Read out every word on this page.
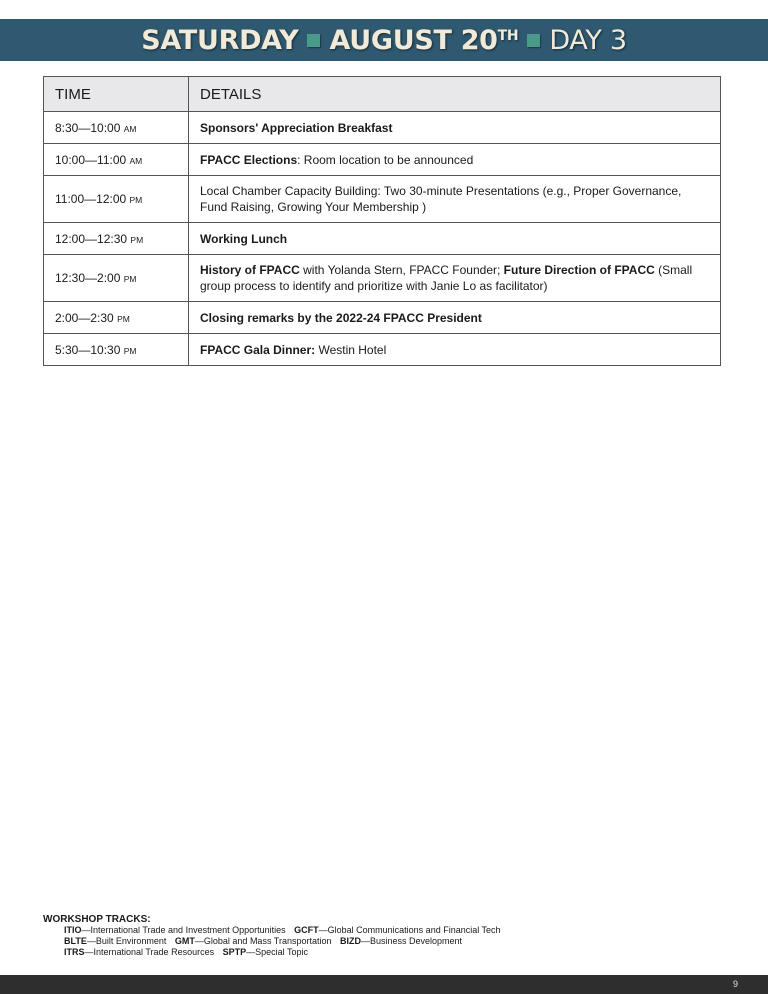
SATURDAY AUGUST 20TH DAY 3
TIME	DETAILS
8:30—10:00 AM	Sponsors' Appreciation Breakfast
10:00—11:00 AM	FPACC Elections: Room location to be announced
11:00—12:00 PM	Local Chamber Capacity Building: Two 30-minute Presentations (e.g., Proper Governance, Fund Raising, Growing Your Membership )
12:00—12:30 PM	Working Lunch
12:30—2:00 PM	History of FPACC with Yolanda Stern, FPACC Founder; Future Direction of FPACC (Small group process to identify and prioritize with Janie Lo as facilitator)
2:00—2:30 PM	Closing remarks by the 2022-24 FPACC President
5:30—10:30 PM	FPACC Gala Dinner: Westin Hotel
WORKSHOP TRACKS:
ITIO—International Trade and Investment Opportunities GCFT—Global Communications and Financial Tech
BLTE—Built Environment GMT—Global and Mass Transportation BIZD—Business Development
ITRS—International Trade Resources SPTP—Special Topic
9
